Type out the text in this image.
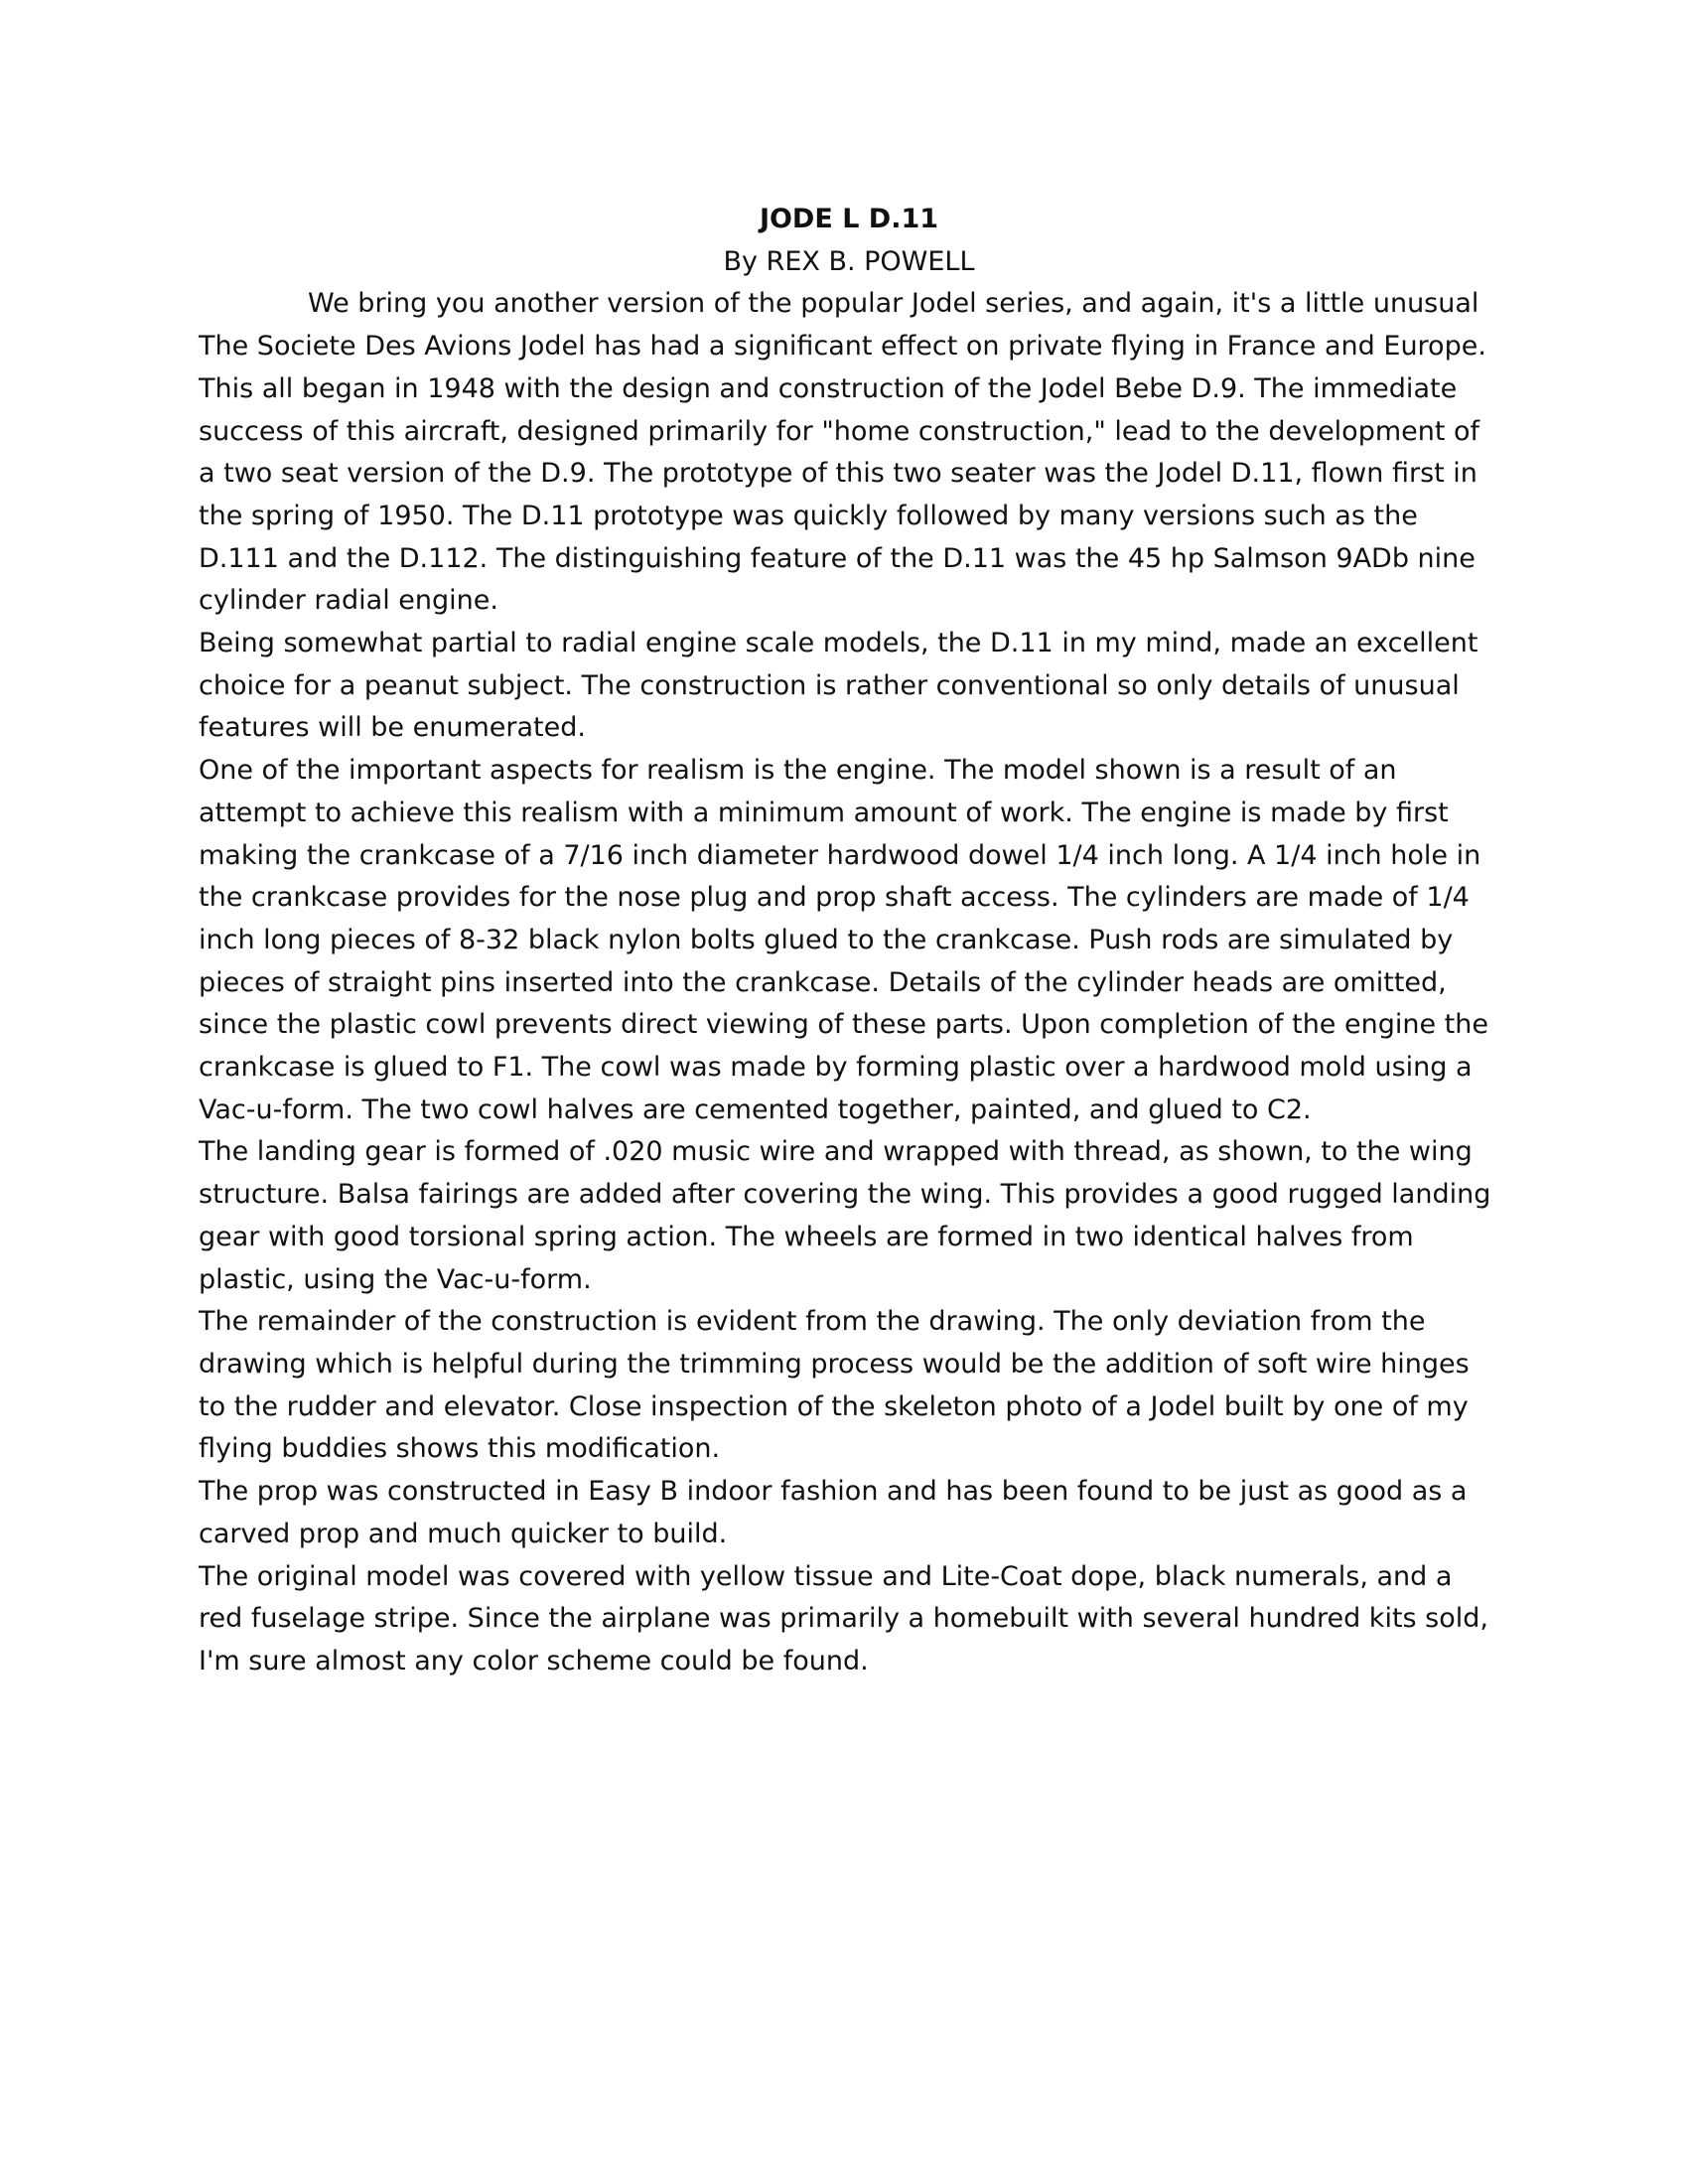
JODE L D.11

By REX B. POWELL

We bring you another version of the popular Jodel series, and again, it's a little unusual

The Societe Des Avions Jodel has had a significant effect on private flying in France and Europe. This all began in 1948 with the design and construction of the Jodel Bebe D.9. The immediate success of this aircraft, designed primarily for "home construction," lead to the development of a two seat version of the D.9. The prototype of this two seater was the Jodel D.11, flown first in the spring of 1950. The D.11 prototype was quickly followed by many versions such as the D.111 and the D.112. The distinguishing feature of the D.11 was the 45 hp Salmson 9ADb nine cylinder radial engine.

Being somewhat partial to radial engine scale models, the D.11 in my mind, made an excellent choice for a peanut subject. The construction is rather conventional so only details of unusual features will be enumerated.

One of the important aspects for realism is the engine. The model shown is a result of an attempt to achieve this realism with a minimum amount of work. The engine is made by first making the crankcase of a 7/16 inch diameter hardwood dowel 1/4 inch long. A 1/4 inch hole in the crankcase provides for the nose plug and prop shaft access. The cylinders are made of 1/4 inch long pieces of 8-32 black nylon bolts glued to the crankcase. Push rods are simulated by pieces of straight pins inserted into the crankcase. Details of the cylinder heads are omitted, since the plastic cowl prevents direct viewing of these parts. Upon completion of the engine the crankcase is glued to F1. The cowl was made by forming plastic over a hardwood mold using a Vac-u-form. The two cowl halves are cemented together, painted, and glued to C2.

The landing gear is formed of .020 music wire and wrapped with thread, as shown, to the wing structure. Balsa fairings are added after covering the wing. This provides a good rugged landing gear with good torsional spring action. The wheels are formed in two identical halves from plastic, using the Vac-u-form.

The remainder of the construction is evident from the drawing. The only deviation from the drawing which is helpful during the trimming process would be the addition of soft wire hinges to the rudder and elevator. Close inspection of the skeleton photo of a Jodel built by one of my flying buddies shows this modification.

The prop was constructed in Easy B indoor fashion and has been found to be just as good as a carved prop and much quicker to build.

The original model was covered with yellow tissue and Lite-Coat dope, black numerals, and a red fuselage stripe. Since the airplane was primarily a homebuilt with several hundred kits sold, I'm sure almost any color scheme could be found.
